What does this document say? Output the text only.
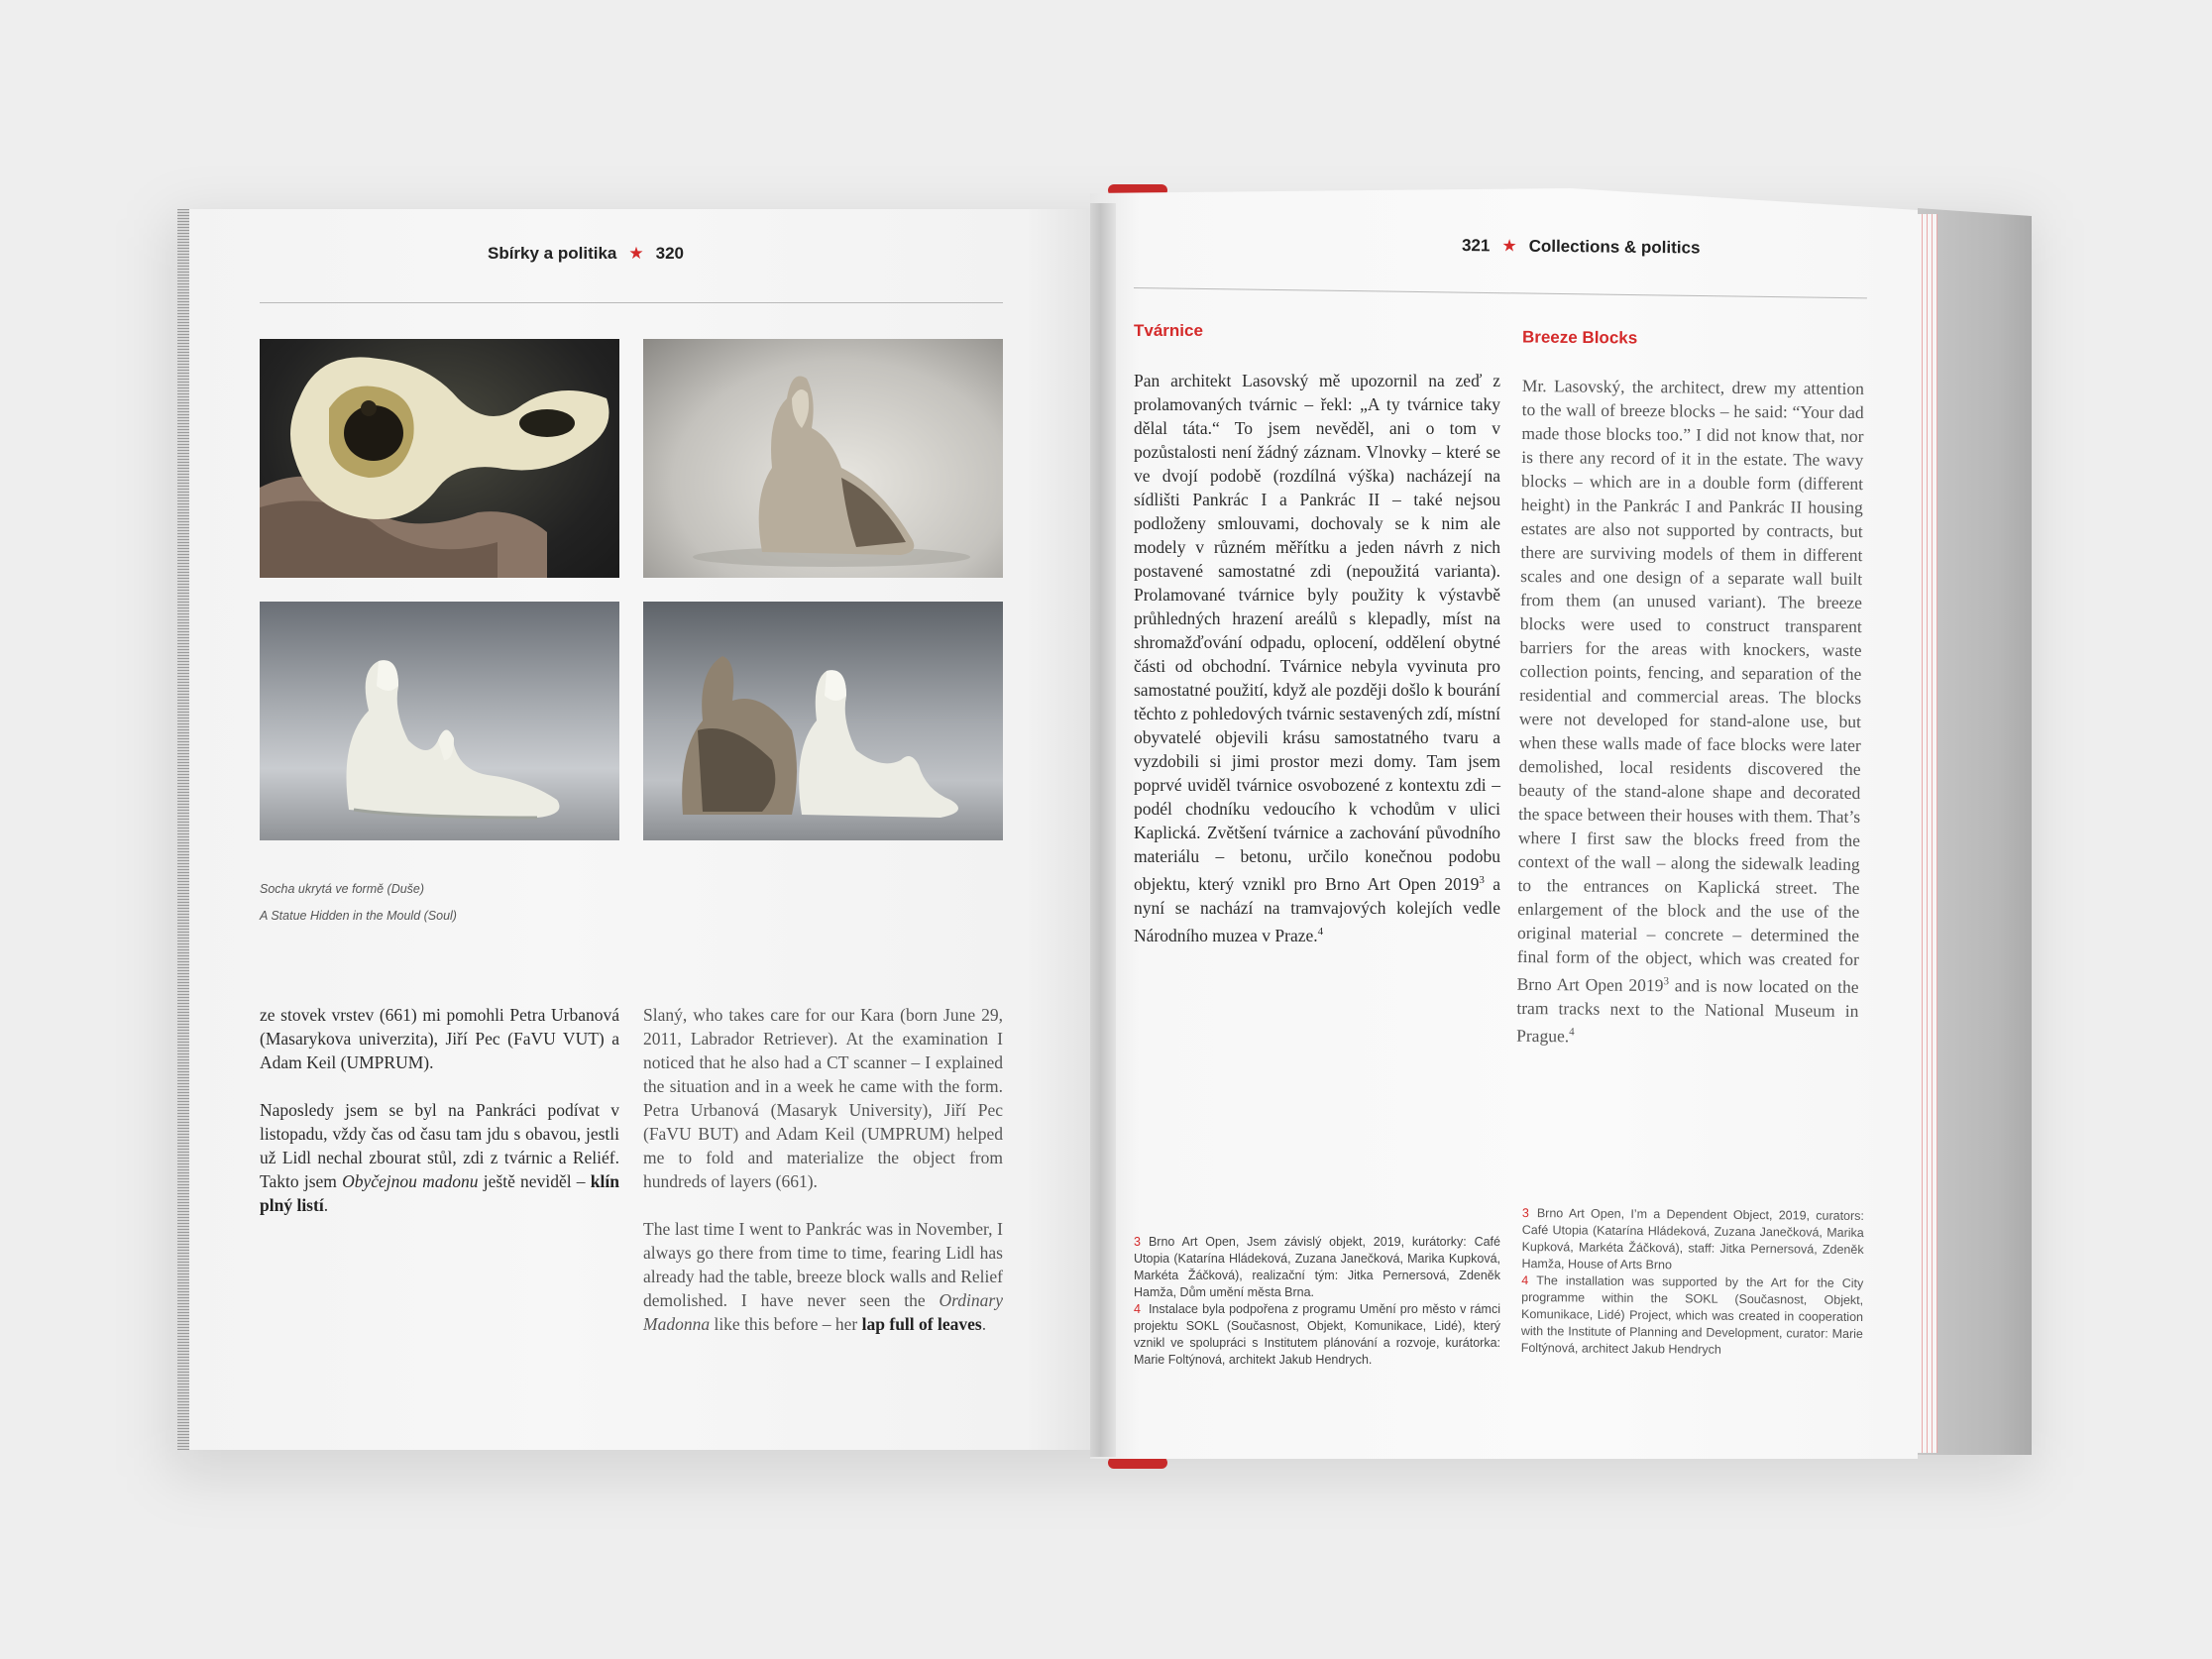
Sbírky a politika ★ 320
Socha ukrytá ve formě (Duše)
A Statue Hidden in the Mould (Soul)

ze stovek vrstev (661) mi pomohli Petra Urbanová (Masarykova univerzita), Jiří Pec (FaVU VUT) a Adam Keil (UMPRUM).

Naposledy jsem se byl na Pankráci podívat v listopadu, vždy čas od času tam jdu s obavou, jestli už Lidl nechal zbourat stůl, zdi z tvárnic a Reliéf. Takto jsem Obyčejnou madonu ještě neviděl – klín plný listí.

Slaný, who takes care for our Kara (born June 29, 2011, Labrador Retriever). At the examination I noticed that he also had a CT scanner – I explained the situation and in a week he came with the form. Petra Urbanová (Masaryk University), Jiří Pec (FaVU BUT) and Adam Keil (UMPRUM) helped me to fold and materialize the object from hundreds of layers (661).

The last time I went to Pankrác was in November, I always go there from time to time, fearing Lidl has already had the table, breeze block walls and Relief demolished. I have never seen the Ordinary Madonna like this before – her lap full of leaves.

321 ★ Collections & politics
Tvárnice	Breeze Blocks

Pan architekt Lasovský mě upozornil na zeď z prolamovaných tvárnic – řekl: „A ty tvárnice taky dělal táta.“ To jsem nevěděl, ani o tom v pozůstalosti není žádný záznam. Vlnovky – které se ve dvojí podobě (rozdílná výška) nacházejí na sídlišti Pankrác I a Pankrác II – také nejsou podloženy smlouvami, dochovaly se k nim ale modely v různém měřítku a jeden návrh z nich postavené samostatné zdi (nepoužitá varianta). Prolamované tvárnice byly použity k výstavbě průhledných hrazení areálů s klepadly, míst na shromažďování odpadu, oplocení, oddělení obytné části od obchodní. Tvárnice nebyla vyvinuta pro samostatné použití, když ale později došlo k bourání těchto z pohledových tvárnic sestavených zdí, místní obyvatelé objevili krásu samostatného tvaru a vyzdobili si jimi prostor mezi domy. Tam jsem poprvé uviděl tvárnice osvobozené z kontextu zdi – podél chodníku vedoucího k vchodům v ulici Kaplická. Zvětšení tvárnice a zachování původního materiálu – betonu, určilo konečnou podobu objektu, který vznikl pro Brno Art Open 2019$^3$ a nyní se nachází na tramvajových kolejích vedle Národního muzea v Praze.$^4$

Mr. Lasovský, the architect, drew my attention to the wall of breeze blocks – he said: “Your dad made those blocks too.” I did not know that, nor is there any record of it in the estate. The wavy blocks – which are in a double form (different height) in the Pankrác I and Pankrác II housing estates are also not supported by contracts, but there are surviving models of them in different scales and one design of a separate wall built from them (an unused variant). The breeze blocks were used to construct transparent barriers for the areas with knockers, waste collection points, fencing, and separation of the residential and commercial areas. The blocks were not developed for stand-alone use, but when these walls made of face blocks were later demolished, local residents discovered the beauty of the stand-alone shape and decorated the space between their houses with them. That’s where I first saw the blocks freed from the context of the wall – along the sidewalk leading to the entrances on Kaplická street. The enlargement of the block and the use of the original material – concrete – determined the final form of the object, which was created for Brno Art Open 2019$^3$ and is now located on the tram tracks next to the National Museum in Prague.$^4$

3 Brno Art Open, Jsem závislý objekt, 2019, kurátorky: Café Utopia (Katarína Hládeková, Zuzana Janečková, Marika Kupková, Markéta Žáčková), realizační tým: Jitka Pernersová, Zdeněk Hamža, Dům umění města Brna.

4 Instalace byla podpořena z programu Umění pro město v rámci projektu SOKL (Současnost, Objekt, Komunikace, Lidé), který vznikl ve spolupráci s Institutem plánování a rozvoje, kurátorka: Marie Foltýnová, architekt Jakub Hendrych.

3 Brno Art Open, I’m a Dependent Object, 2019, curators: Café Utopia (Katarína Hládeková, Zuzana Janečková, Marika Kupková, Markéta Žáčková), staff: Jitka Pernersová, Zdeněk Hamža, House of Arts Brno

4 The installation was supported by the Art for the City programme within the SOKL (Současnost, Objekt, Komunikace, Lidé) Project, which was created in cooperation with the Institute of Planning and Development, curator: Marie Foltýnová, architect Jakub Hendrych
